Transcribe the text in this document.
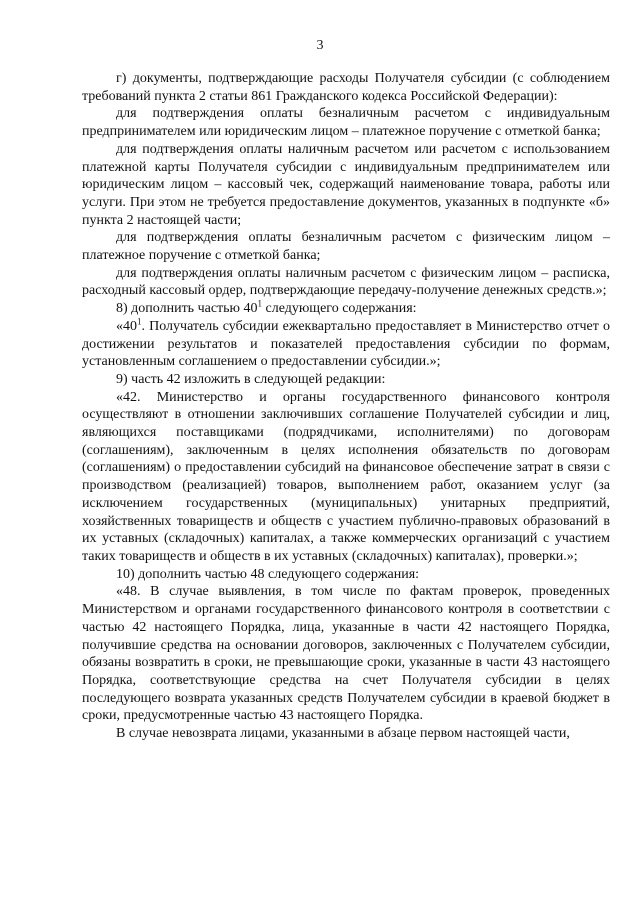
3

г) документы, подтверждающие расходы Получателя субсидии (с соблюдением требований пункта 2 статьи 861 Гражданского кодекса Российской Федерации):

для подтверждения оплаты безналичным расчетом с индивидуальным предпринимателем или юридическим лицом – платежное поручение с отметкой банка;

для подтверждения оплаты наличным расчетом или расчетом с использованием платежной карты Получателя субсидии с индивидуальным предпринимателем или юридическим лицом – кассовый чек, содержащий наименование товара, работы или услуги. При этом не требуется предоставление документов, указанных в подпункте «б» пункта 2 настоящей части;

для подтверждения оплаты безналичным расчетом с физическим лицом – платежное поручение с отметкой банка;

для подтверждения оплаты наличным расчетом с физическим лицом – расписка, расходный кассовый ордер, подтверждающие передачу-получение денежных средств.»;

8) дополнить частью $40^1$ следующего содержания:

«$40^1$. Получатель субсидии ежеквартально предоставляет в Министерство отчет о достижении результатов и показателей предоставления субсидии по формам, установленным соглашением о предоставлении субсидии.»;

9) часть 42 изложить в следующей редакции:

«42. Министерство и органы государственного финансового контроля осуществляют в отношении заключивших соглашение Получателей субсидии и лиц, являющихся поставщиками (подрядчиками, исполнителями) по договорам (соглашениям), заключенным в целях исполнения обязательств по договорам (соглашениям) о предоставлении субсидий на финансовое обеспечение затрат в связи с производством (реализацией) товаров, выполнением работ, оказанием услуг (за исключением государственных (муниципальных) унитарных предприятий, хозяйственных товариществ и обществ с участием публично-правовых образований в их уставных (складочных) капиталах, а также коммерческих организаций с участием таких товариществ и обществ в их уставных (складочных) капиталах), проверки.»;

10) дополнить частью 48 следующего содержания:

«48. В случае выявления, в том числе по фактам проверок, проведенных Министерством и органами государственного финансового контроля в соответствии с частью 42 настоящего Порядка, лица, указанные в части 42 настоящего Порядка, получившие средства на основании договоров, заключенных с Получателем субсидии, обязаны возвратить в сроки, не превышающие сроки, указанные в части 43 настоящего Порядка, соответствующие средства на счет Получателя субсидии в целях последующего возврата указанных средств Получателем субсидии в краевой бюджет в сроки, предусмотренные частью 43 настоящего Порядка.

В случае невозврата лицами, указанными в абзаце первом настоящей части,
